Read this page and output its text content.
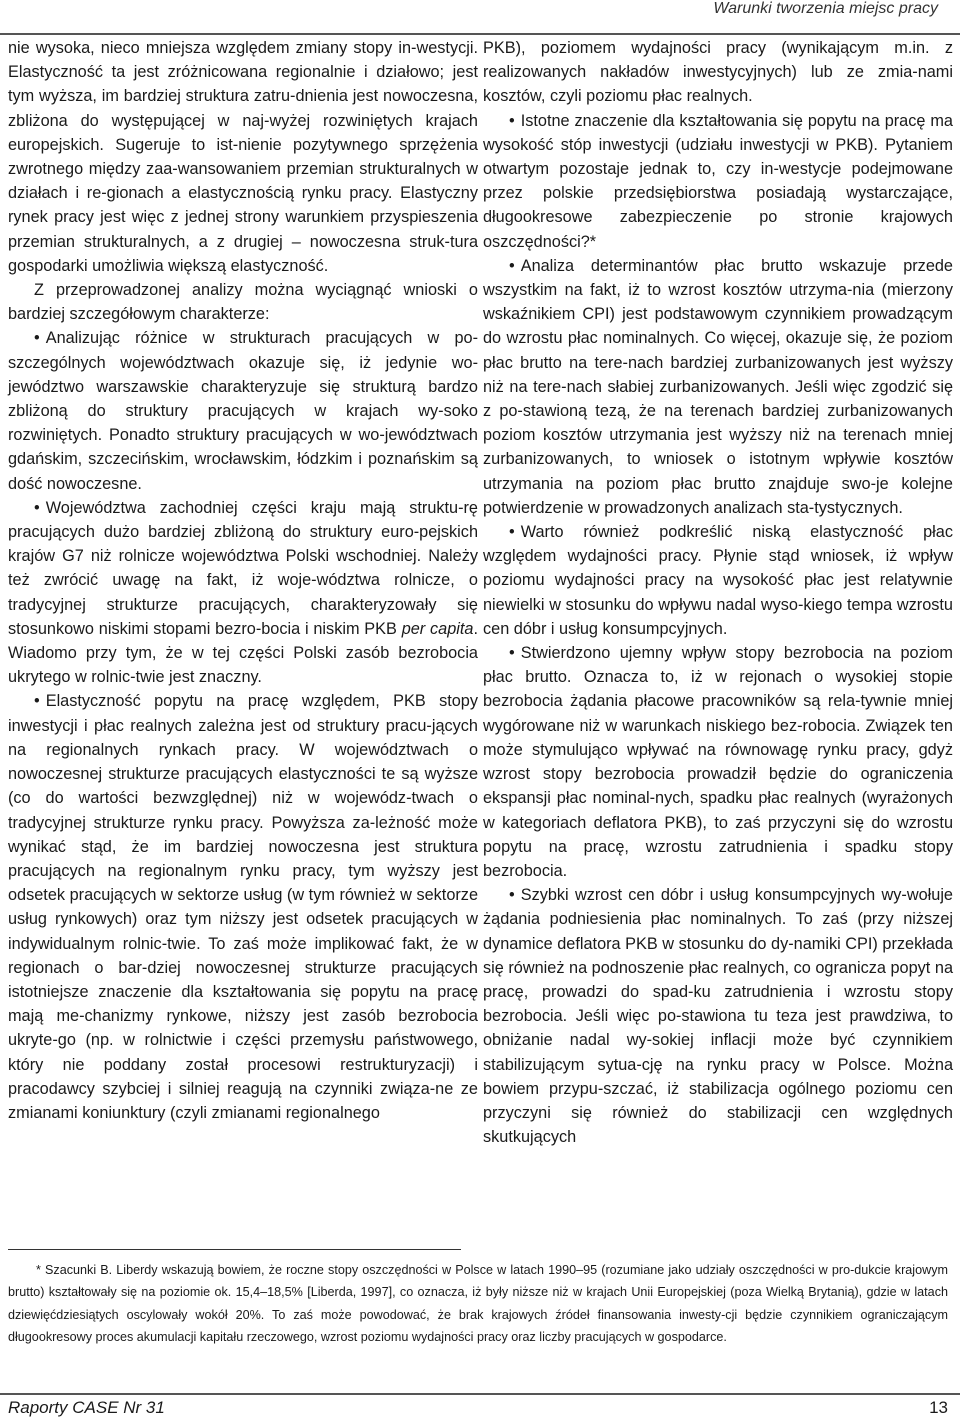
Warunki tworzenia miejsc pracy

nie wysoka, nieco mniejsza względem zmiany stopy in-westycji. Elastyczność ta jest zróżnicowana regionalnie i działowo; jest tym wyższa, im bardziej struktura zatru-dnienia jest nowoczesna, zbliżona do występującej w naj-wyżej rozwiniętych krajach europejskich. Sugeruje to ist-nienie pozytywnego sprzężenia zwrotnego między zaa-wansowaniem przemian strukturalnych w działach i re-gionach a elastycznością rynku pracy. Elastyczny rynek pracy jest więc z jednej strony warunkiem przyspieszenia przemian strukturalnych, a z drugiej – nowoczesna struk-tura gospodarki umożliwia większą elastyczność.

Z przeprowadzonej analizy można wyciągnąć wnioski o bardziej szczegółowym charakterze:

• Analizując różnice w strukturach pracujących w po-szczególnych województwach okazuje się, iż jedynie wo-jewództwo warszawskie charakteryzuje się strukturą bardzo zbliżoną do struktury pracujących w krajach wy-soko rozwiniętych. Ponadto struktury pracujących w wo-jewództwach gdańskim, szczecińskim, wrocławskim, łódzkim i poznańskim są dość nowoczesne.

• Województwa zachodniej części kraju mają struktu-rę pracujących dużo bardziej zbliżoną do struktury euro-pejskich krajów G7 niż rolnicze województwa Polski wschodniej. Należy też zwrócić uwagę na fakt, iż woje-wództwa rolnicze, o tradycyjnej strukturze pracujących, charakteryzowały się stosunkowo niskimi stopami bezro-bocia i niskim PKB per capita. Wiadomo przy tym, że w tej części Polski zasób bezrobocia ukrytego w rolnic-twie jest znaczny.

• Elastyczność popytu na pracę względem, PKB stopy inwestycji i płac realnych zależna jest od struktury pracu-jących na regionalnych rynkach pracy. W województwach o nowoczesnej strukturze pracujących elastyczności te są wyższe (co do wartości bezwzględnej) niż w wojewódz-twach o tradycyjnej strukturze rynku pracy. Powyższa za-leżność może wynikać stąd, że im bardziej nowoczesna jest struktura pracujących na regionalnym rynku pracy, tym wyższy jest odsetek pracujących w sektorze usług (w tym również w sektorze usług rynkowych) oraz tym niższy jest odsetek pracujących w indywidualnym rolnic-twie. To zaś może implikować fakt, że w regionach o bar-dziej nowoczesnej strukturze pracujących istotniejsze znaczenie dla kształtowania się popytu na pracę mają me-chanizmy rynkowe, niższy jest zasób bezrobocia ukryte-go (np. w rolnictwie i części przemysłu państwowego, który nie poddany został procesowi restrukturyzacji) i pracodawcy szybciej i silniej reagują na czynniki związa-ne ze zmianami koniunktury (czyli zmianami regionalnego

PKB), poziomem wydajności pracy (wynikającym m.in. z realizowanych nakładów inwestycyjnych) lub ze zmia-nami kosztów, czyli poziomu płac realnych.

• Istotne znaczenie dla kształtowania się popytu na pracę ma wysokość stóp inwestycji (udziału inwestycji w PKB). Pytaniem otwartym pozostaje jednak to, czy in-westycje podejmowane przez polskie przedsiębiorstwa posiadają wystarczające, długookresowe zabezpieczenie po stronie krajowych oszczędności?*

• Analiza determinantów płac brutto wskazuje przede wszystkim na fakt, iż to wzrost kosztów utrzyma-nia (mierzony wskaźnikiem CPI) jest podstawowym czynnikiem prowadzącym do wzrostu płac nominalnych. Co więcej, okazuje się, że poziom płac brutto na tere-nach bardziej zurbanizowanych jest wyższy niż na tere-nach słabiej zurbanizowanych. Jeśli więc zgodzić się z po-stawioną tezą, że na terenach bardziej zurbanizowanych poziom kosztów utrzymania jest wyższy niż na terenach mniej zurbanizowanych, to wniosek o istotnym wpływie kosztów utrzymania na poziom płac brutto znajduje swo-je kolejne potwierdzenie w prowadzonych analizach sta-tystycznych.

• Warto również podkreślić niską elastyczność płac względem wydajności pracy. Płynie stąd wniosek, iż wpływ poziomu wydajności pracy na wysokość płac jest relatywnie niewielki w stosunku do wpływu nadal wyso-kiego tempa wzrostu cen dóbr i usług konsumpcyjnych.

• Stwierdzono ujemny wpływ stopy bezrobocia na poziom płac brutto. Oznacza to, iż w rejonach o wysokiej stopie bezrobocia żądania płacowe pracowników są rela-tywnie mniej wygórowane niż w warunkach niskiego bez-robocia. Związek ten może stymulująco wpływać na równowagę rynku pracy, gdyż wzrost stopy bezrobocia prowadził będzie do ograniczenia ekspansji płac nominal-nych, spadku płac realnych (wyrażonych w kategoriach deflatora PKB), to zaś przyczyni się do wzrostu popytu na pracę, wzrostu zatrudnienia i spadku stopy bezrobocia.

• Szybki wzrost cen dóbr i usług konsumpcyjnych wy-wołuje żądania podniesienia płac nominalnych. To zaś (przy niższej dynamice deflatora PKB w stosunku do dy-namiki CPI) przekłada się również na podnoszenie płac realnych, co ogranicza popyt na pracę, prowadzi do spad-ku zatrudnienia i wzrostu stopy bezrobocia. Jeśli więc po-stawiona tu teza jest prawdziwa, to obniżanie nadal wy-sokiej inflacji może być czynnikiem stabilizującym sytua-cję na rynku pracy w Polsce. Można bowiem przypu-szczać, iż stabilizacja ogólnego poziomu cen przyczyni się również do stabilizacji cen względnych skutkujących

* Szacunki B. Liberdy wskazują bowiem, że roczne stopy oszczędności w Polsce w latach 1990–95 (rozumiane jako udziały oszczędności w pro-dukcie krajowym brutto) kształtowały się na poziomie ok. 15,4–18,5% [Liberda, 1997], co oznacza, iż były niższe niż w krajach Unii Europejskiej (poza Wielką Brytanią), gdzie w latach dziewięćdziesiątych oscylowały wokół 20%. To zaś może powodować, że brak krajowych źródeł finansowania inwesty-cji będzie czynnikiem ograniczającym długookresowy proces akumulacji kapitału rzeczowego, wzrost poziomu wydajności pracy oraz liczby pracujących w gospodarce.

Raporty CASE Nr 31	13
